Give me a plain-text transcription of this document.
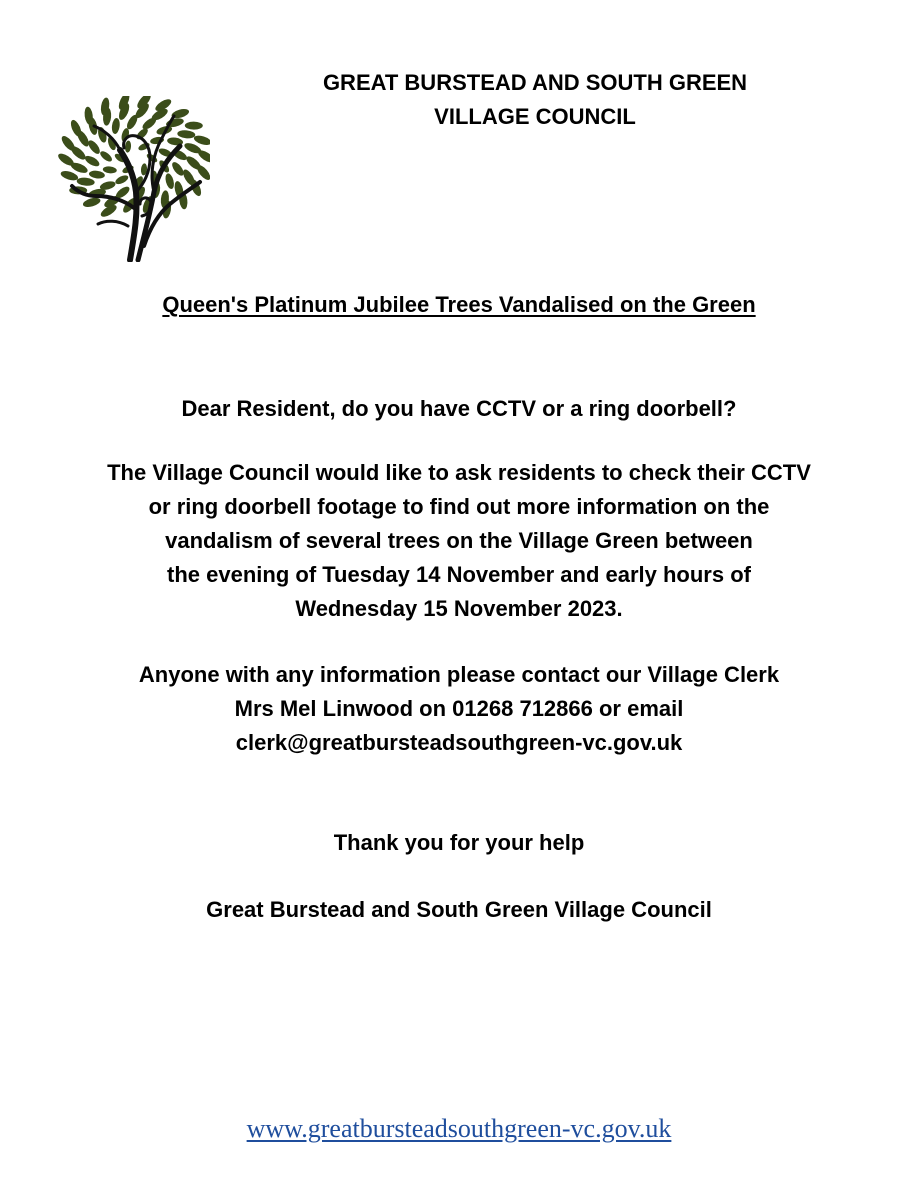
GREAT BURSTEAD AND SOUTH GREEN
VILLAGE COUNCIL
Queen's Platinum Jubilee Trees Vandalised on the Green
Dear Resident, do you have CCTV or a ring doorbell?
The Village Council would like to ask residents to check their CCTV
or ring doorbell footage to find out more information on the
vandalism of several trees on the Village Green between
the evening of Tuesday 14 November and early hours of
Wednesday 15 November 2023.
Anyone with any information please contact our Village Clerk
Mrs Mel Linwood on 01268 712866 or email
clerk@greatbursteadsouthgreen-vc.gov.uk
Thank you for your help
Great Burstead and South Green Village Council
www.greatbursteadsouthgreen-vc.gov.uk
